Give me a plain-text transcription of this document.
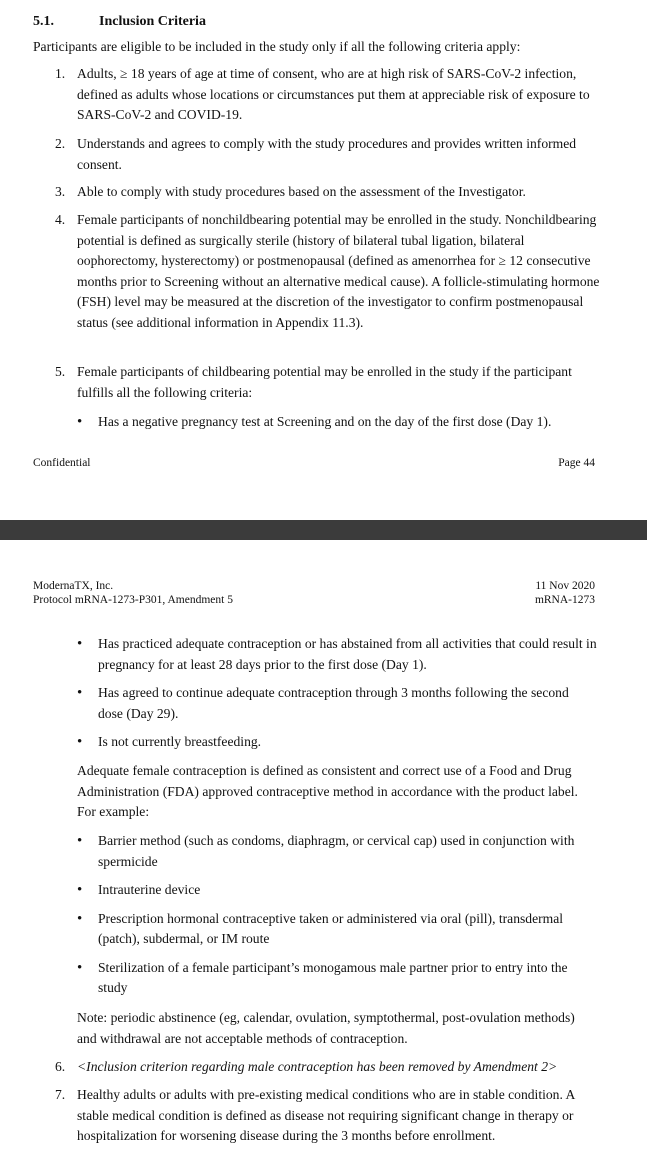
5.1.	Inclusion Criteria
Participants are eligible to be included in the study only if all the following criteria apply:
1. Adults, ≥ 18 years of age at time of consent, who are at high risk of SARS-CoV-2 infection, defined as adults whose locations or circumstances put them at appreciable risk of exposure to SARS-CoV-2 and COVID-19.
2. Understands and agrees to comply with the study procedures and provides written informed consent.
3. Able to comply with study procedures based on the assessment of the Investigator.
4. Female participants of nonchildbearing potential may be enrolled in the study. Nonchildbearing potential is defined as surgically sterile (history of bilateral tubal ligation, bilateral oophorectomy, hysterectomy) or postmenopausal (defined as amenorrhea for ≥ 12 consecutive months prior to Screening without an alternative medical cause). A follicle-stimulating hormone (FSH) level may be measured at the discretion of the investigator to confirm postmenopausal status (see additional information in Appendix 11.3).
5. Female participants of childbearing potential may be enrolled in the study if the participant fulfills all the following criteria:
• Has a negative pregnancy test at Screening and on the day of the first dose (Day 1).
Confidential	Page 44
ModernaTX, Inc.
Protocol mRNA-1273-P301, Amendment 5
11 Nov 2020
mRNA-1273
• Has practiced adequate contraception or has abstained from all activities that could result in pregnancy for at least 28 days prior to the first dose (Day 1).
• Has agreed to continue adequate contraception through 3 months following the second dose (Day 29).
• Is not currently breastfeeding.
Adequate female contraception is defined as consistent and correct use of a Food and Drug Administration (FDA) approved contraceptive method in accordance with the product label. For example:
• Barrier method (such as condoms, diaphragm, or cervical cap) used in conjunction with spermicide
• Intrauterine device
• Prescription hormonal contraceptive taken or administered via oral (pill), transdermal (patch), subdermal, or IM route
• Sterilization of a female participant’s monogamous male partner prior to entry into the study
Note: periodic abstinence (eg, calendar, ovulation, symptothermal, post-ovulation methods) and withdrawal are not acceptable methods of contraception.
6. <Inclusion criterion regarding male contraception has been removed by Amendment 2>
7. Healthy adults or adults with pre-existing medical conditions who are in stable condition. A stable medical condition is defined as disease not requiring significant change in therapy or hospitalization for worsening disease during the 3 months before enrollment.
